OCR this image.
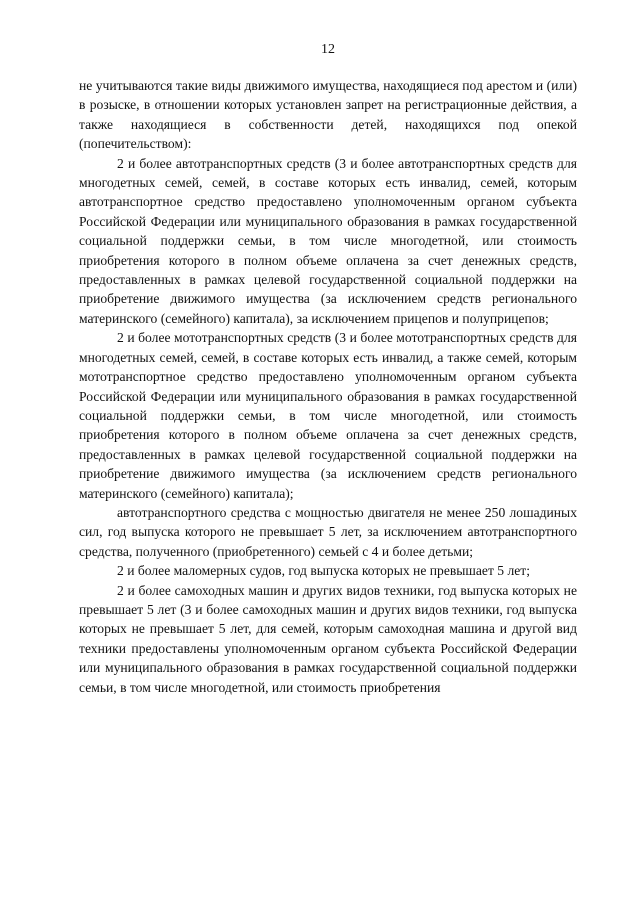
12

не учитываются такие виды движимого имущества, находящиеся под арестом и (или) в розыске, в отношении которых установлен запрет на регистрационные действия, а также находящиеся в собственности детей, находящихся под опекой (попечительством):

2 и более автотранспортных средств (3 и более автотранспортных средств для многодетных семей, семей, в составе которых есть инвалид, семей, которым автотранспортное средство предоставлено уполномоченным органом субъекта Российской Федерации или муниципального образования в рамках государственной социальной поддержки семьи, в том числе многодетной, или стоимость приобретения которого в полном объеме оплачена за счет денежных средств, предоставленных в рамках целевой государственной социальной поддержки на приобретение движимого имущества (за исключением средств регионального материнского (семейного) капитала), за исключением прицепов и полуприцепов;

2 и более мототранспортных средств (3 и более мототранспортных средств для многодетных семей, семей, в составе которых есть инвалид, а также семей, которым мототранспортное средство предоставлено уполномоченным органом субъекта Российской Федерации или муниципального образования в рамках государственной социальной поддержки семьи, в том числе многодетной, или стоимость приобретения которого в полном объеме оплачена за счет денежных средств, предоставленных в рамках целевой государственной социальной поддержки на приобретение движимого имущества (за исключением средств регионального материнского (семейного) капитала);

автотранспортного средства с мощностью двигателя не менее 250 лошадиных сил, год выпуска которого не превышает 5 лет, за исключением автотранспортного средства, полученного (приобретенного) семьей с 4 и более детьми;

2 и более маломерных судов, год выпуска которых не превышает 5 лет;

2 и более самоходных машин и других видов техники, год выпуска которых не превышает 5 лет (3 и более самоходных машин и других видов техники, год выпуска которых не превышает 5 лет, для семей, которым самоходная машина и другой вид техники предоставлены уполномоченным органом субъекта Российской Федерации или муниципального образования в рамках государственной социальной поддержки семьи, в том числе многодетной, или стоимость приобретения
